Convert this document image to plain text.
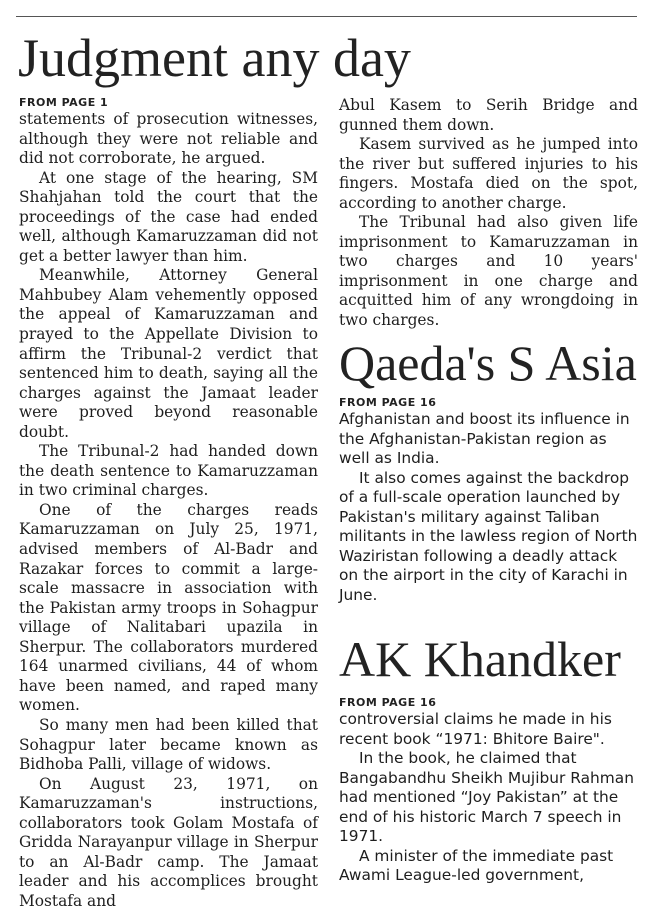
Judgment any day
FROM PAGE 1

statements of prosecution witnesses, although they were not reliable and did not corroborate, he argued.

At one stage of the hearing, SM Shahjahan told the court that the proceedings of the case had ended well, although Kamaruzzaman did not get a better lawyer than him.

Meanwhile, Attorney General Mahbubey Alam vehemently opposed the appeal of Kamaruzzaman and prayed to the Appellate Division to affirm the Tribunal-2 verdict that sentenced him to death, saying all the charges against the Jamaat leader were proved beyond reasonable doubt.

The Tribunal-2 had handed down the death sentence to Kamaruzzaman in two criminal charges.

One of the charges reads Kamaruzzaman on July 25, 1971, advised members of Al-Badr and Razakar forces to commit a large-scale massacre in association with the Pakistan army troops in Sohagpur village of Nalitabari upazila in Sherpur. The collaborators murdered 164 unarmed civilians, 44 of whom have been named, and raped many women.

So many men had been killed that Sohagpur later became known as Bidhoba Palli, village of widows.

On August 23, 1971, on Kamaruzzaman's instructions, collaborators took Golam Mostafa of Gridda Narayanpur village in Sherpur to an Al-Badr camp. The Jamaat leader and his accomplices brought Mostafa and

Abul Kasem to Serih Bridge and gunned them down.

Kasem survived as he jumped into the river but suffered injuries to his fingers. Mostafa died on the spot, according to another charge.

The Tribunal had also given life imprisonment to Kamaruzzaman in two charges and 10 years' imprisonment in one charge and acquitted him of any wrongdoing in two charges.

Qaeda's S Asia
FROM PAGE 16

Afghanistan and boost its influence in the Afghanistan-Pakistan region as well as India.

It also comes against the backdrop of a full-scale operation launched by Pakistan's military against Taliban militants in the lawless region of North Waziristan following a deadly attack on the airport in the city of Karachi in June.

AK Khandker
FROM PAGE 16

controversial claims he made in his recent book “1971: Bhitore Baire".

In the book, he claimed that Bangabandhu Sheikh Mujibur Rahman had mentioned “Joy Pakistan” at the end of his historic March 7 speech in 1971.

A minister of the immediate past Awami League-led government,
